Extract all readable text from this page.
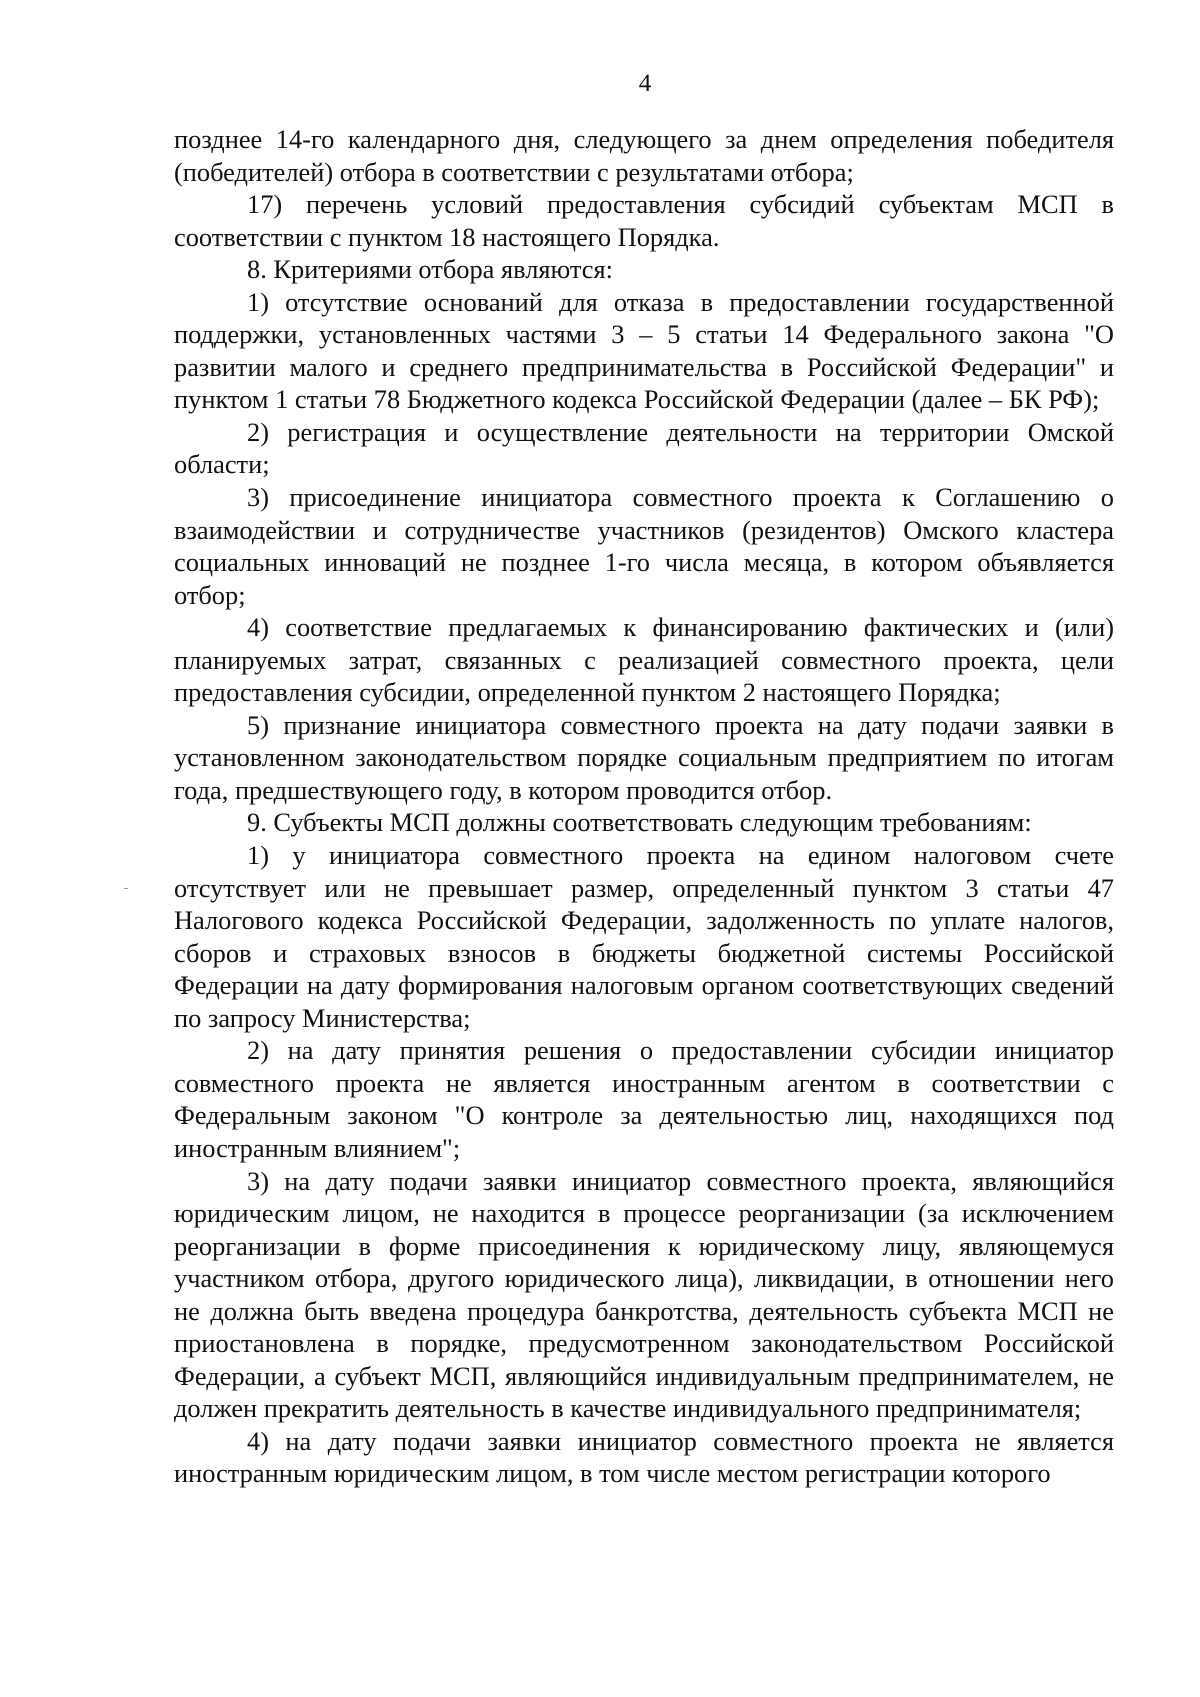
4

позднее 14-го календарного дня, следующего за днем определения победителя (победителей) отбора в соответствии с результатами отбора;

17) перечень условий предоставления субсидий субъектам МСП в соответствии с пунктом 18 настоящего Порядка.

8. Критериями отбора являются:

1) отсутствие оснований для отказа в предоставлении государственной поддержки, установленных частями 3 – 5 статьи 14 Федерального закона "О развитии малого и среднего предпринимательства в Российской Федерации" и пунктом 1 статьи 78 Бюджетного кодекса Российской Федерации (далее – БК РФ);

2) регистрация и осуществление деятельности на территории Омской области;

3) присоединение инициатора совместного проекта к Соглашению о взаимодействии и сотрудничестве участников (резидентов) Омского кластера социальных инноваций не позднее 1-го числа месяца, в котором объявляется отбор;

4) соответствие предлагаемых к финансированию фактических и (или) планируемых затрат, связанных с реализацией совместного проекта, цели предоставления субсидии, определенной пунктом 2 настоящего Порядка;

5) признание инициатора совместного проекта на дату подачи заявки в установленном законодательством порядке социальным предприятием по итогам года, предшествующего году, в котором проводится отбор.

9. Субъекты МСП должны соответствовать следующим требованиям:

1) у инициатора совместного проекта на едином налоговом счете отсутствует или не превышает размер, определенный пунктом 3 статьи 47 Налогового кодекса Российской Федерации, задолженность по уплате налогов, сборов и страховых взносов в бюджеты бюджетной системы Российской Федерации на дату формирования налоговым органом соответствующих сведений по запросу Министерства;

2) на дату принятия решения о предоставлении субсидии инициатор совместного проекта не является иностранным агентом в соответствии с Федеральным законом "О контроле за деятельностью лиц, находящихся под иностранным влиянием";

3) на дату подачи заявки инициатор совместного проекта, являющийся юридическим лицом, не находится в процессе реорганизации (за исключением реорганизации в форме присоединения к юридическому лицу, являющемуся участником отбора, другого юридического лица), ликвидации, в отношении него не должна быть введена процедура банкротства, деятельность субъекта МСП не приостановлена в порядке, предусмотренном законодательством Российской Федерации, а субъект МСП, являющийся индивидуальным предпринимателем, не должен прекратить деятельность в качестве индивидуального предпринимателя;

4) на дату подачи заявки инициатор совместного проекта не является иностранным юридическим лицом, в том числе местом регистрации которого
